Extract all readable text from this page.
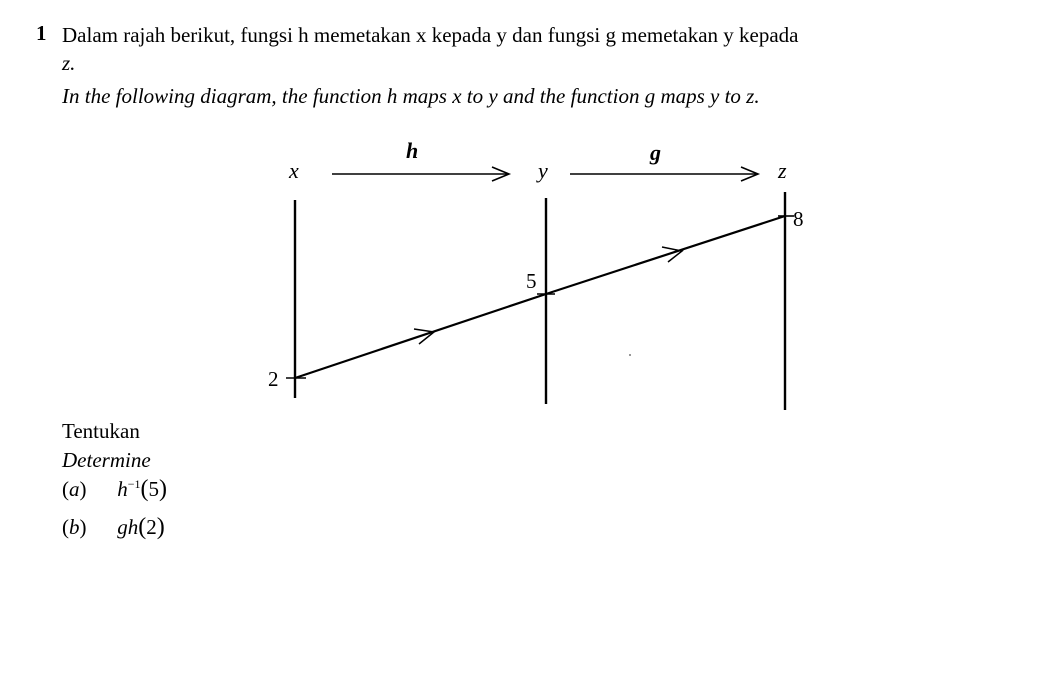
1 Dalam rajah berikut, fungsi h memetakan x kepada y dan fungsi g memetakan y kepada
z.
In the following diagram, the function h maps x to y and the function g maps y to z.
x	y	z
h	g
2
5
8
Tentukan
Determine
(a) $h^{-1}(5)$
(b) gh(2)
